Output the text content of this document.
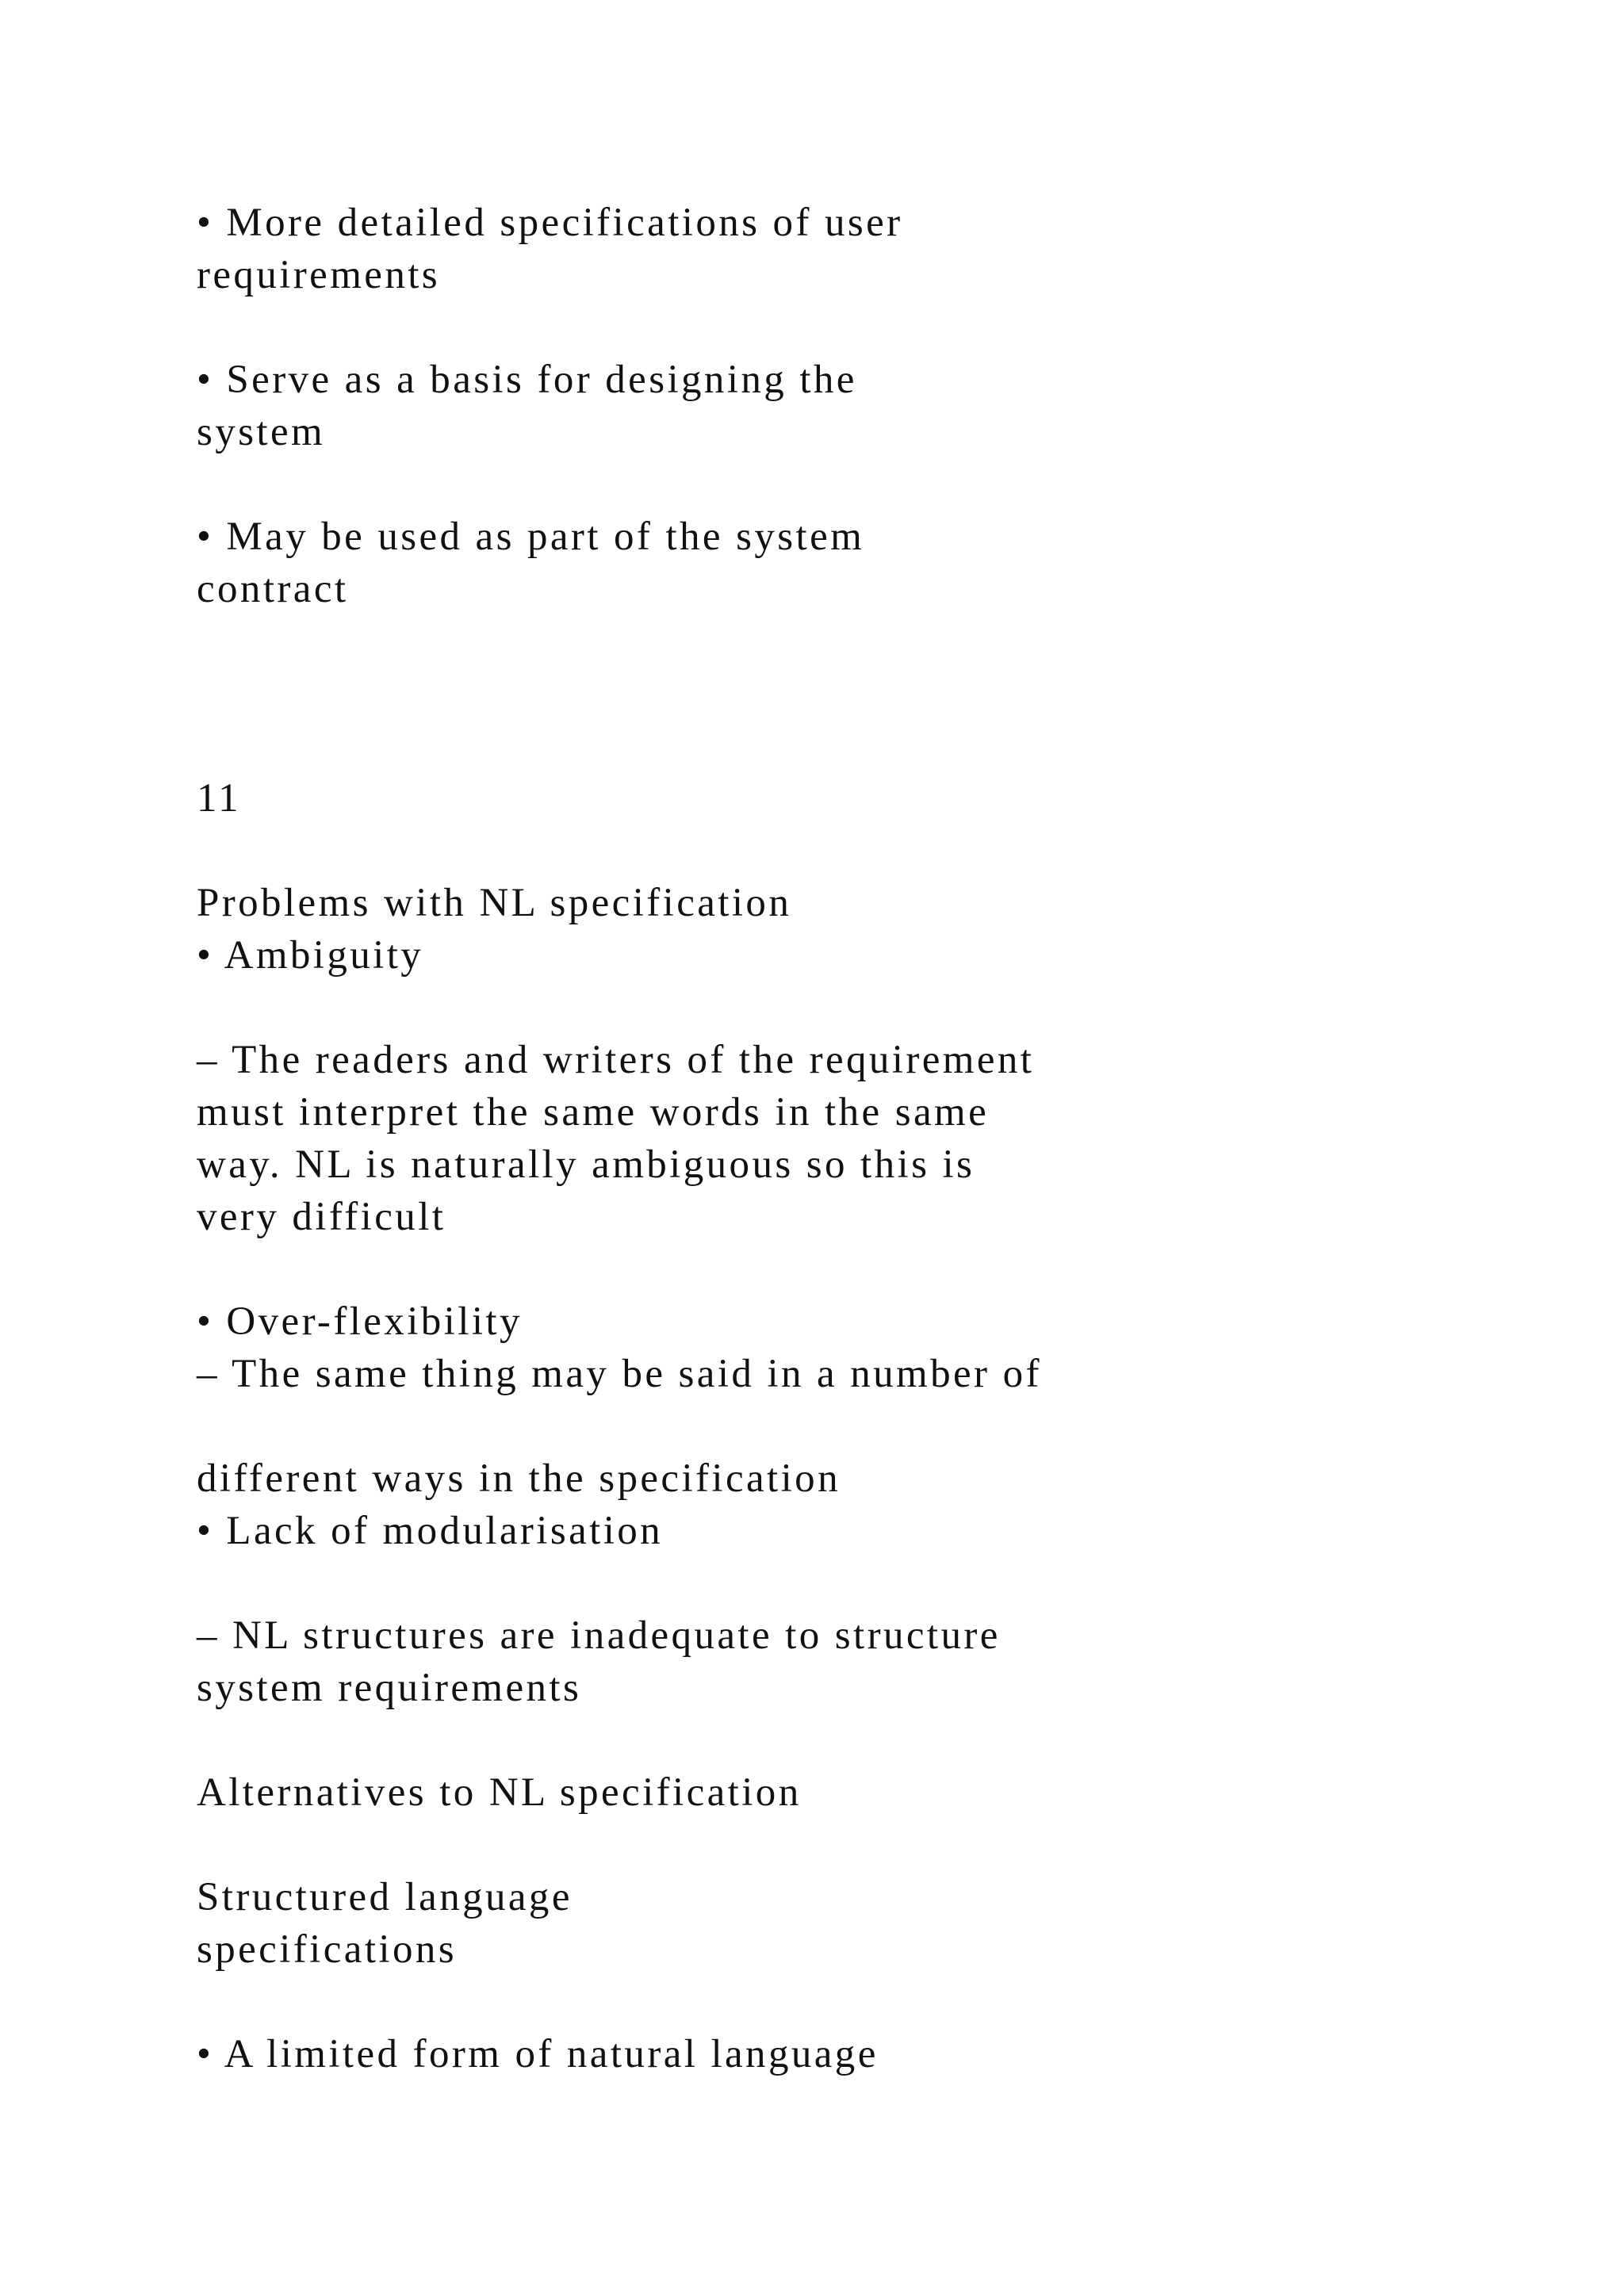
• More detailed specifications of user

requirements

• Serve as a basis for designing the

system

• May be used as part of the system

contract

11

Problems with NL specification

• Ambiguity

– The readers and writers of the requirement

must interpret the same words in the same

way. NL is naturally ambiguous so this is

very difficult

• Over-flexibility

– The same thing may be said in a number of

different ways in the specification

• Lack of modularisation

– NL structures are inadequate to structure

system requirements

Alternatives to NL specification

Structured language

specifications

• A limited form of natural language
